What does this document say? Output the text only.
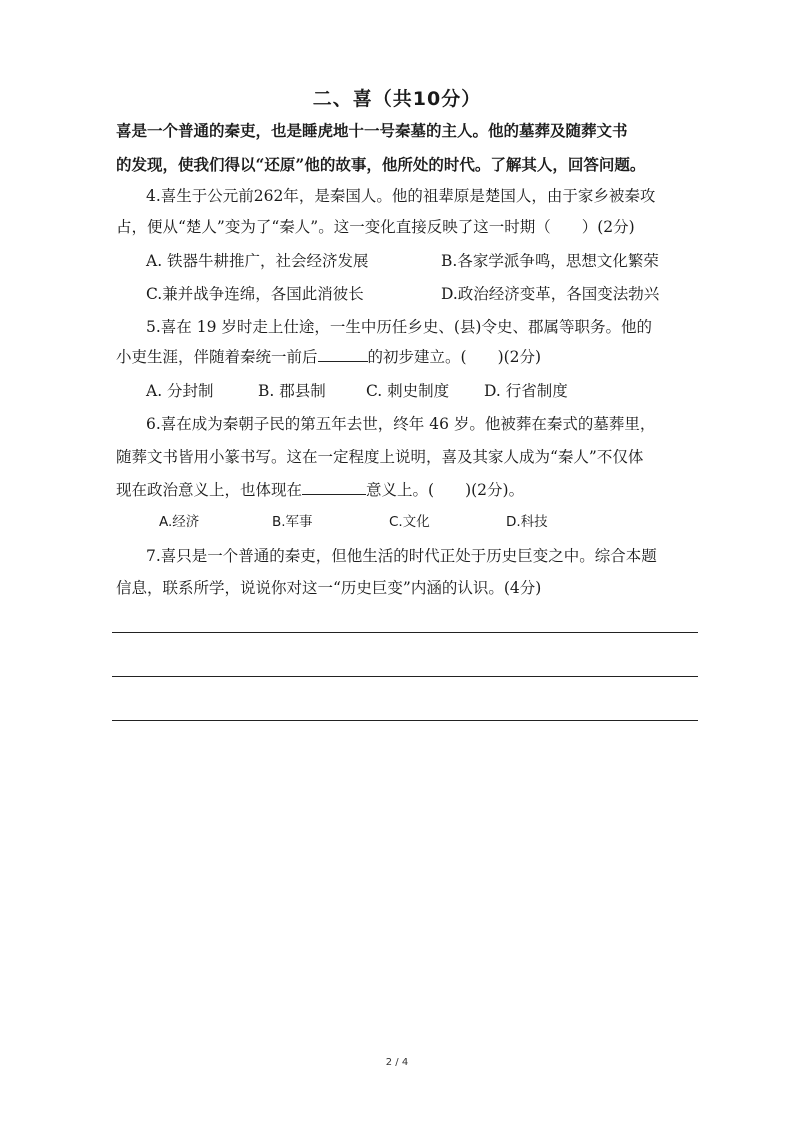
二、喜（共10分）
喜是一个普通的秦吏，也是睡虎地十一号秦墓的主人。他的墓葬及随葬文书
的发现，使我们得以“还原”他的故事，他所处的时代。了解其人，回答问题。
4.喜生于公元前262年，是秦国人。他的祖辈原是楚国人，由于家乡被秦攻
占，便从“楚人”变为了“秦人”。这一变化直接反映了这一时期（　　）(2分)
A. 铁器牛耕推广，社会经济发展	B.各家学派争鸣，思想文化繁荣
C.兼并战争连绵，各国此消彼长	D.政治经济变革，各国变法勃兴
5.喜在 19 岁时走上仕途，一生中历任乡史、(县)令史、郡属等职务。他的
小吏生涯，伴随着秦统一前后	的初步建立。(　　)(2分)
A. 分封制	B. 郡县制	C. 刺史制度 D. 行省制度
6.喜在成为秦朝子民的第五年去世，终年 46 岁。他被葬在秦式的墓葬里，
随葬文书皆用小篆书写。这在一定程度上说明，喜及其家人成为“秦人”不仅体
现在政治意义上，也体现在	意义上。(　　)(2分)。
A.经济	B.军事	C.文化	D.科技
7.喜只是一个普通的秦吏，但他生活的时代正处于历史巨变之中。综合本题
信息，联系所学，说说你对这一“历史巨变”内涵的认识。(4分)
2 / 4
